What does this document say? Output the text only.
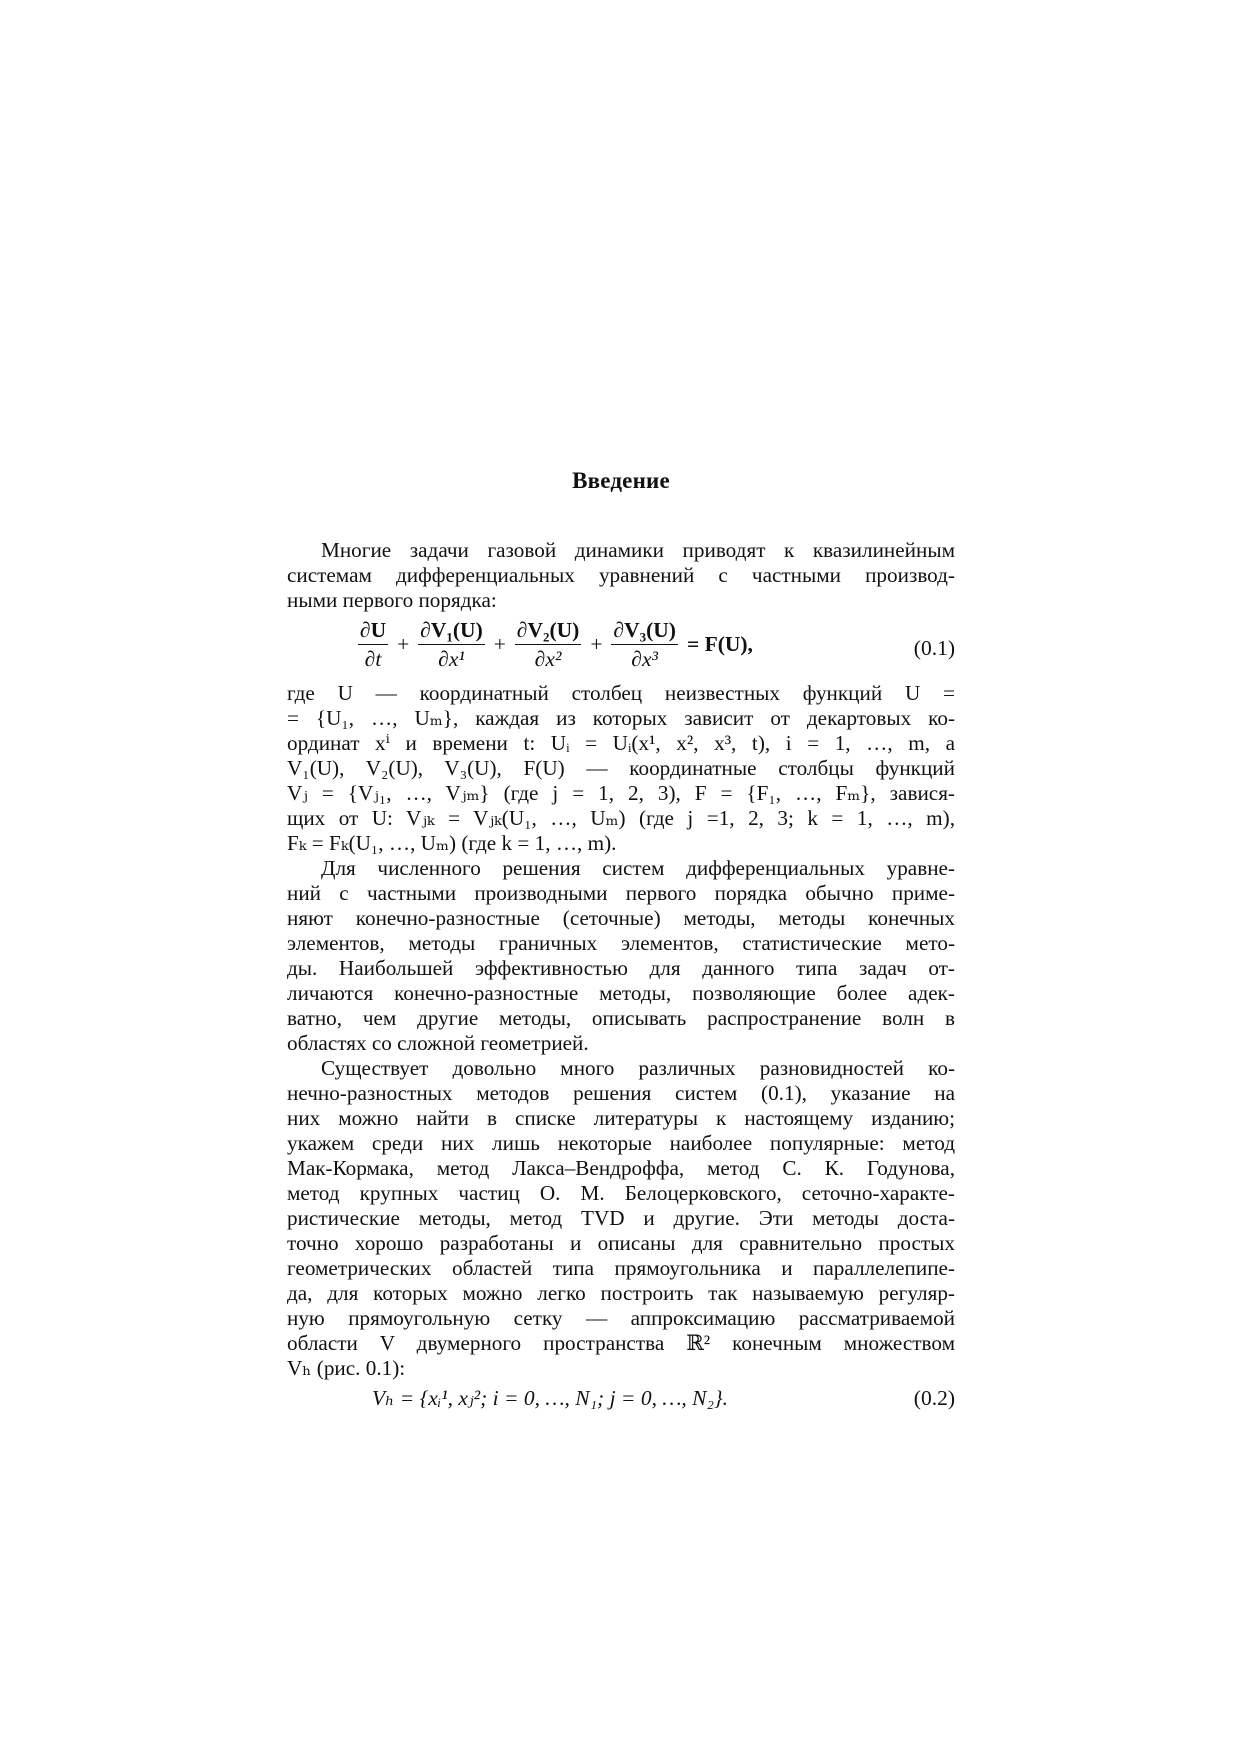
Введение
Многие задачи газовой динамики приводят к квазилинейным
системам дифференциальных уравнений с частными производ-
ными первого порядка:
$\frac{\partial U}{\partial t} + \frac{\text{∂V₁(U)}}{\text{∂x¹}} + \frac{\text{∂V₂(U)}}{\text{∂x²}} + \frac{\text{∂V₃(U)}}{\text{∂x³}} = F(U)$,	(0.1)
где U — координатный столбец неизвестных функций U =
= {U₁, …, Uₘ}, каждая из которых зависит от декартовых ко-
ординат xⁱ и времени t: Uᵢ = Uᵢ(x¹, x², x³, t), i = 1, …, m, а
V₁(U), V₂(U), V₃(U), F(U) — координатные столбцы функций
Vⱼ = {Vⱼ₁, …, Vⱼₘ} (где j = 1, 2, 3), F = {F₁, …, Fₘ}, завися-
щих от U: Vⱼₖ = Vⱼₖ(U₁, …, Uₘ) (где j =1, 2, 3; k = 1, …, m),
Fₖ = Fₖ(U₁, …, Uₘ) (где k = 1, …, m).
Для численного решения систем дифференциальных уравне-
ний с частными производными первого порядка обычно приме-
няют конечно-разностные (сеточные) методы, методы конечных
элементов, методы граничных элементов, статистические мето-
ды. Наибольшей эффективностью для данного типа задач от-
личаются конечно-разностные методы, позволяющие более адек-
ватно, чем другие методы, описывать распространение волн в
областях со сложной геометрией.
Существует довольно много различных разновидностей ко-
нечно-разностных методов решения систем (0.1), указание на
них можно найти в списке литературы к настоящему изданию;
укажем среди них лишь некоторые наиболее популярные: метод
Мак-Кормака, метод Лакса–Вендроффа, метод С. К. Годунова,
метод крупных частиц О. М. Белоцерковского, сеточно-характе-
ристические методы, метод TVD и другие. Эти методы доста-
точно хорошо разработаны и описаны для сравнительно простых
геометрических областей типа прямоугольника и параллелепипе-
да, для которых можно легко построить так называемую регуляр-
ную прямоугольную сетку — аппроксимацию рассматриваемой
области V двумерного пространства ℝ² конечным множеством
Vₕ (рис. 0.1):
Vₕ = {xᵢ¹, xⱼ²; i = 0, …, N₁; j = 0, …, N₂}.	(0.2)
